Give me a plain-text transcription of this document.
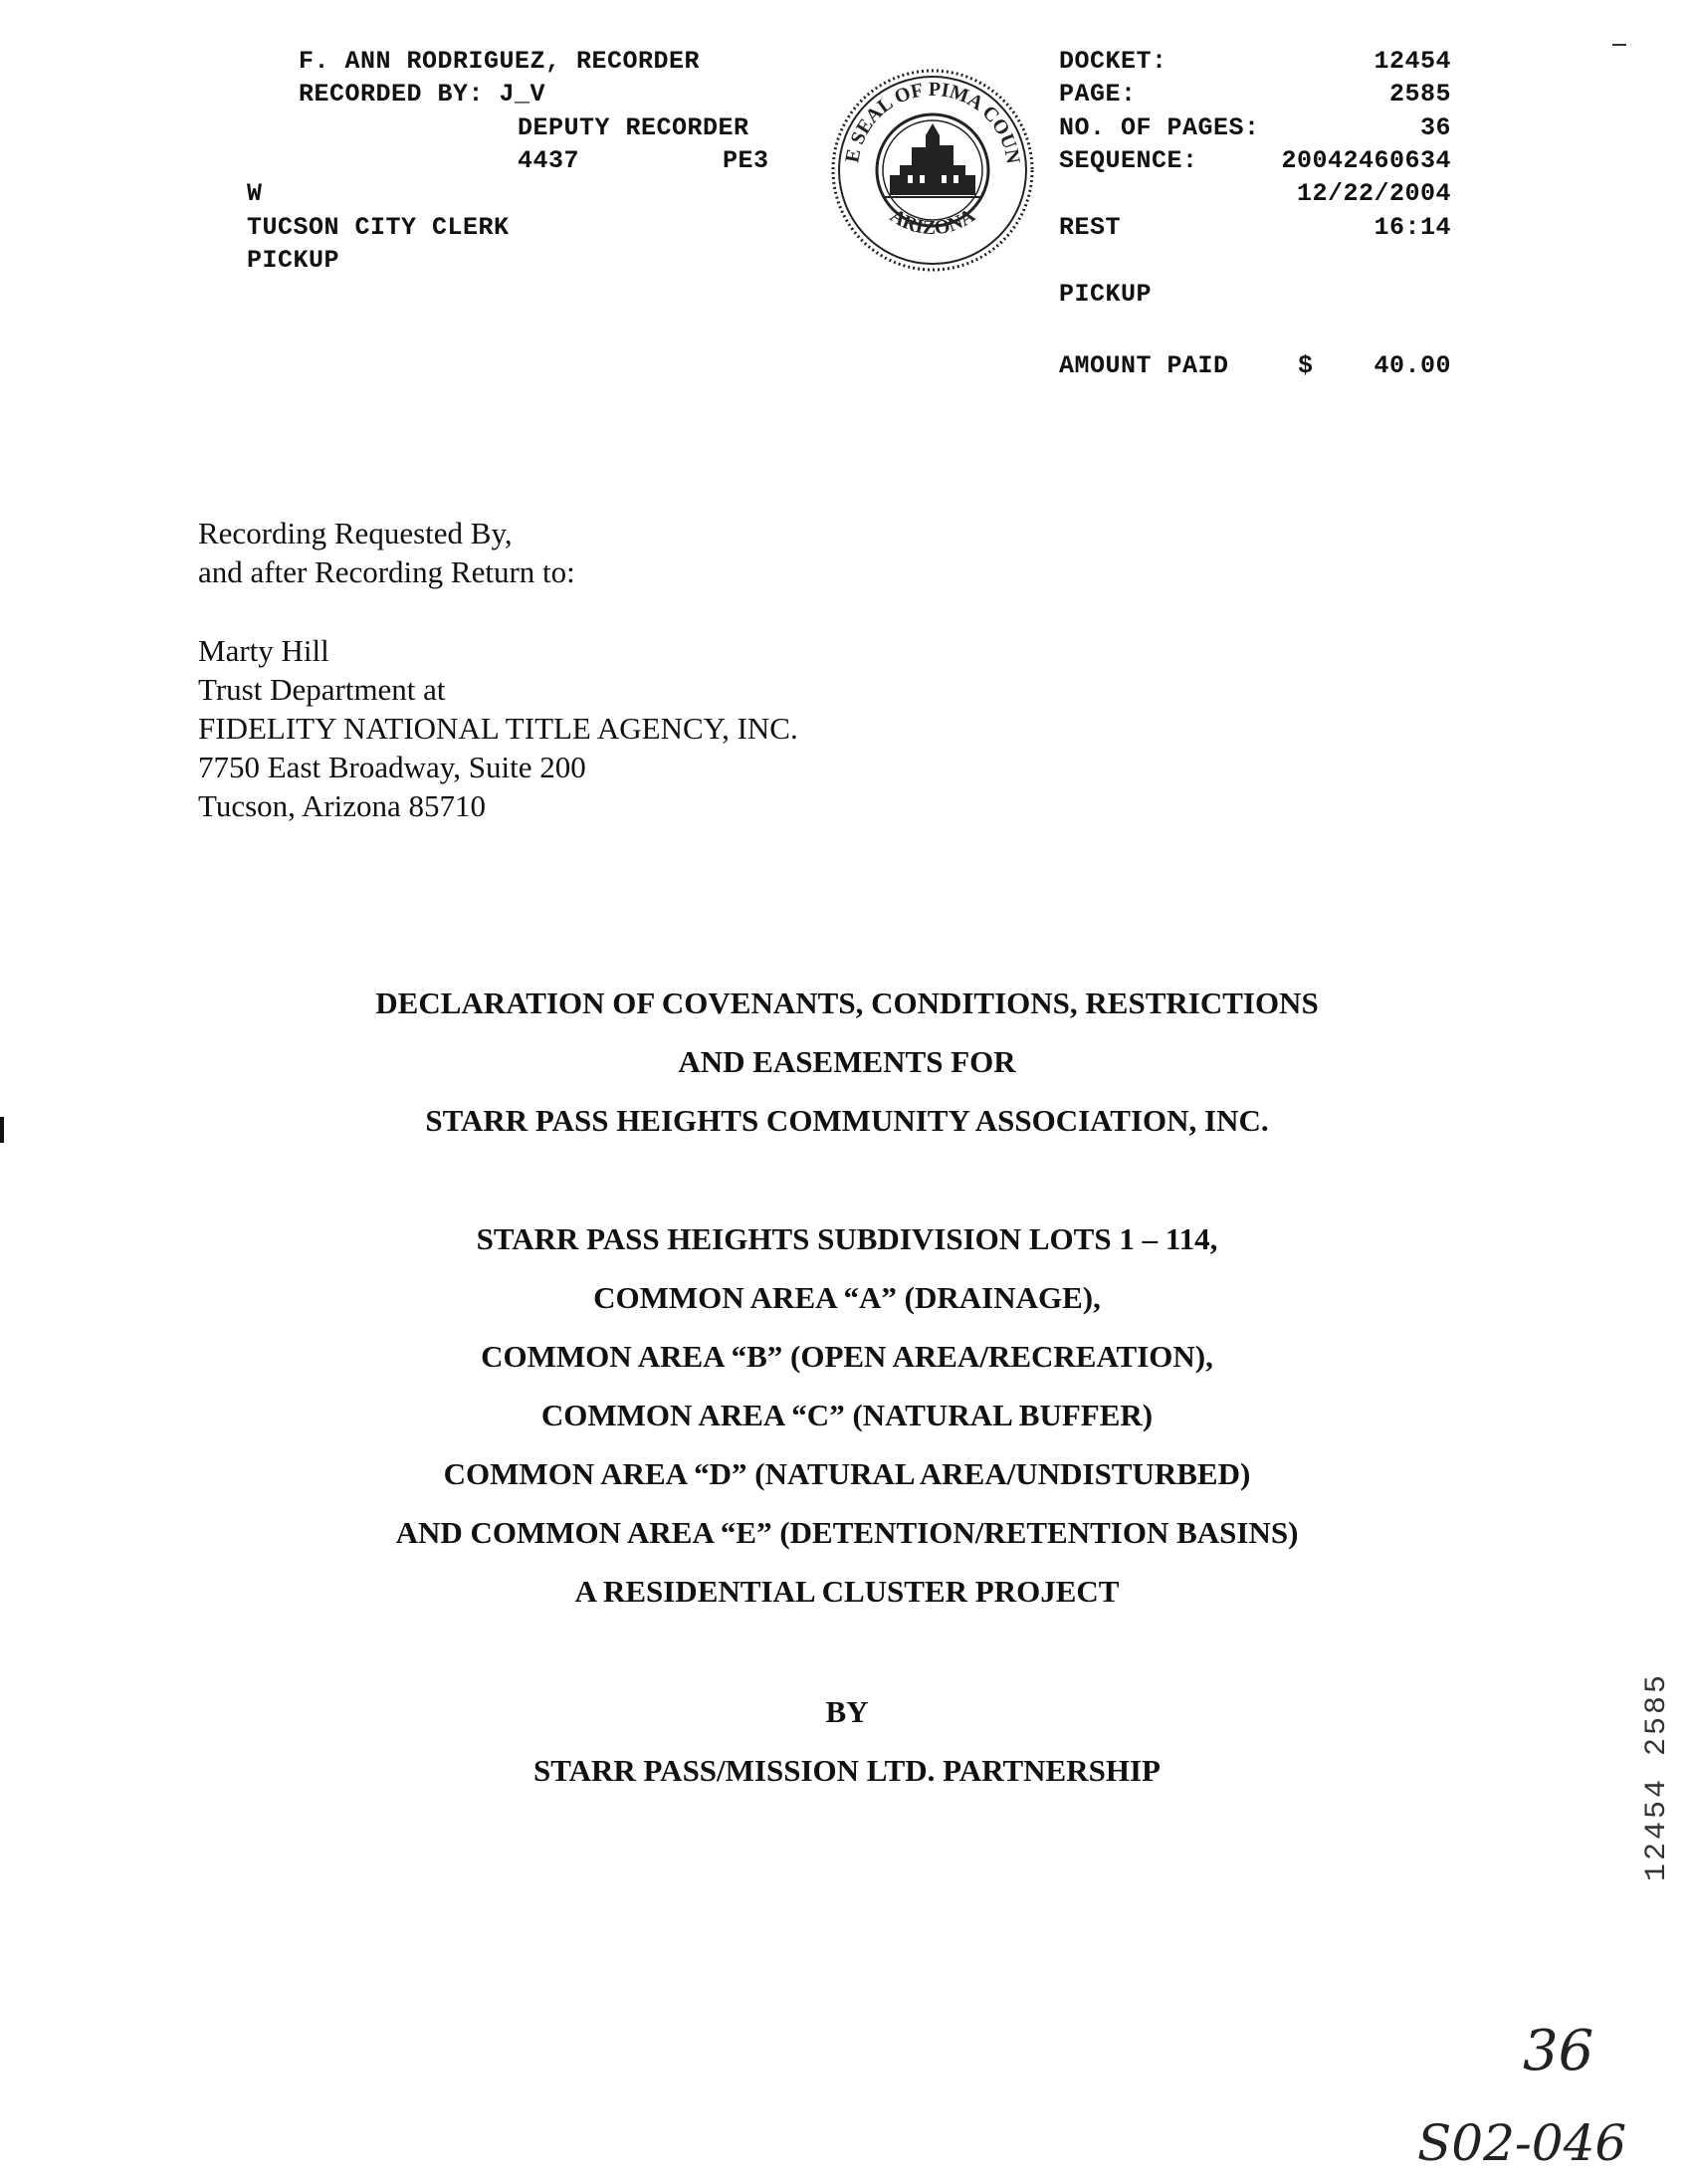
F. ANN RODRIGUEZ, RECORDER
RECORDED BY: J_V
DEPUTY RECORDER
4437	PE3
W
TUCSON CITY CLERK
PICKUP
E SEAL OF PIMA COUN
ARIZONA
DOCKET:	12454
PAGE:	2585
NO. OF PAGES:	36
SEQUENCE:	20042460634
12/22/2004
REST	16:14
PICKUP
AMOUNT PAID	$ 40.00
Recording Requested By,
and after Recording Return to:
Marty Hill
Trust Department at
FIDELITY NATIONAL TITLE AGENCY, INC.
7750 East Broadway, Suite 200
Tucson, Arizona 85710
DECLARATION OF COVENANTS, CONDITIONS, RESTRICTIONS
AND EASEMENTS FOR
STARR PASS HEIGHTS COMMUNITY ASSOCIATION, INC.
STARR PASS HEIGHTS SUBDIVISION LOTS 1 – 114,
COMMON AREA “A” (DRAINAGE),
COMMON AREA “B” (OPEN AREA/RECREATION),
COMMON AREA “C” (NATURAL BUFFER)
COMMON AREA “D” (NATURAL AREA/UNDISTURBED)
AND COMMON AREA “E” (DETENTION/RETENTION BASINS)
A RESIDENTIAL CLUSTER PROJECT
BY
STARR PASS/MISSION LTD. PARTNERSHIP	12454 2585
36
S02-046
